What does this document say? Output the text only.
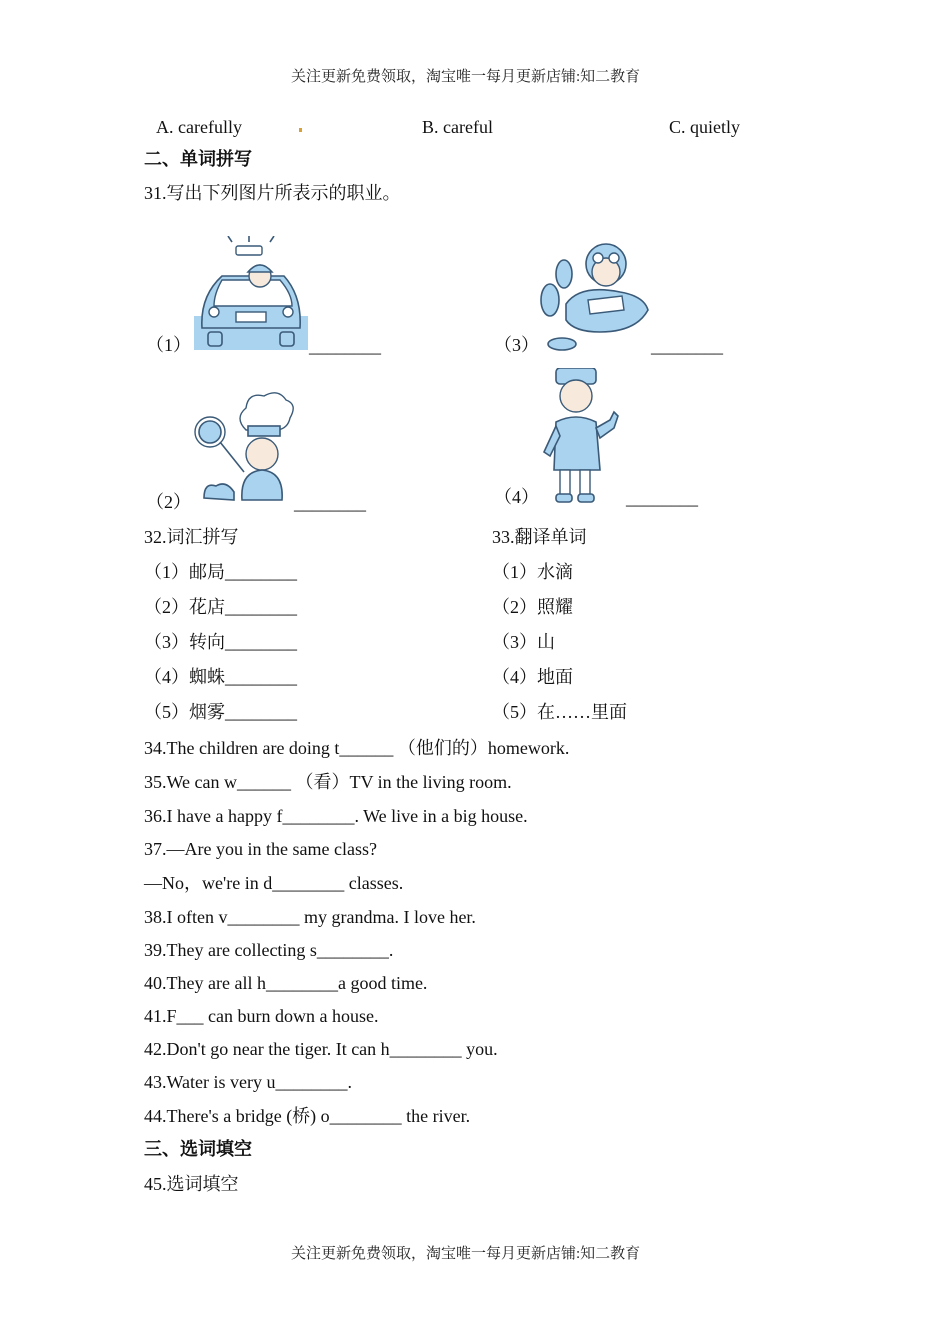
关注更新免费领取，淘宝唯一每月更新店铺:知二教育
关注更新免费领取，淘宝唯一每月更新店铺:知二教育
A. carefully	B. careful	C. quietly
二、单词拼写
31.写出下列图片所表示的职业。
（1）	________	（3）	________
（2）	________	（4）	________
32.词汇拼写	33.翻译单词
（1）邮局________
（2）花店________
（3）转向________
（4）蜘蛛________
（5）烟雾________
（1）水滴
（2）照耀
（3）山
（4）地面
（5）在……里面
34.The children are doing t______ （他们的）homework.
35.We can w______ （看）TV in the living room.
36.I have a happy f________. We live in a big house.
37.—Are you in the same class?
—No，we're in d________ classes.
38.I often v________ my grandma. I love her.
39.They are collecting s________.
40.They are all h________a good time.
41.F___ can burn down a house.
42.Don't go near the tiger. It can h________ you.
43.Water is very u________.
44.There's a bridge (桥) o________ the river.
三、选词填空
45.选词填空
